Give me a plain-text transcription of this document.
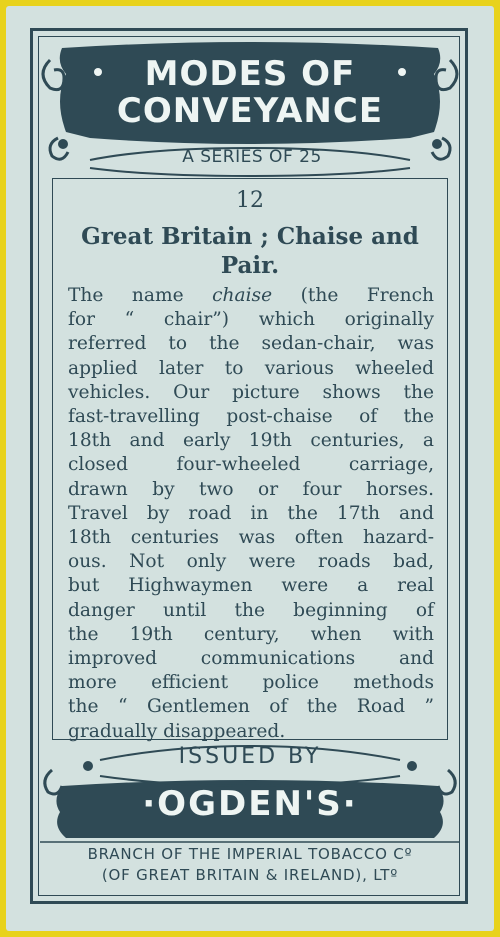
MODES OF
CONVEYANCE
A SERIES OF 25
12
Great Britain ; Chaise and Pair.
The name chaise (the French
for “ chair”) which originally
referred to the sedan-chair, was
applied later to various wheeled
vehicles. Our picture shows the
fast-travelling post-chaise of the
18th and early 19th centuries, a
closed four-wheeled carriage,
drawn by two or four horses.
Travel by road in the 17th and
18th centuries was often hazard-
ous. Not only were roads bad,
but Highwaymen were a real
danger until the beginning of
the 19th century, when with
improved communications and
more efficient police methods
the “ Gentlemen of the Road ”
gradually disappeared.
ISSUED BY
·OGDEN'S·
BRANCH OF THE IMPERIAL TOBACCO Cº
(OF GREAT BRITAIN & IRELAND), LTº
